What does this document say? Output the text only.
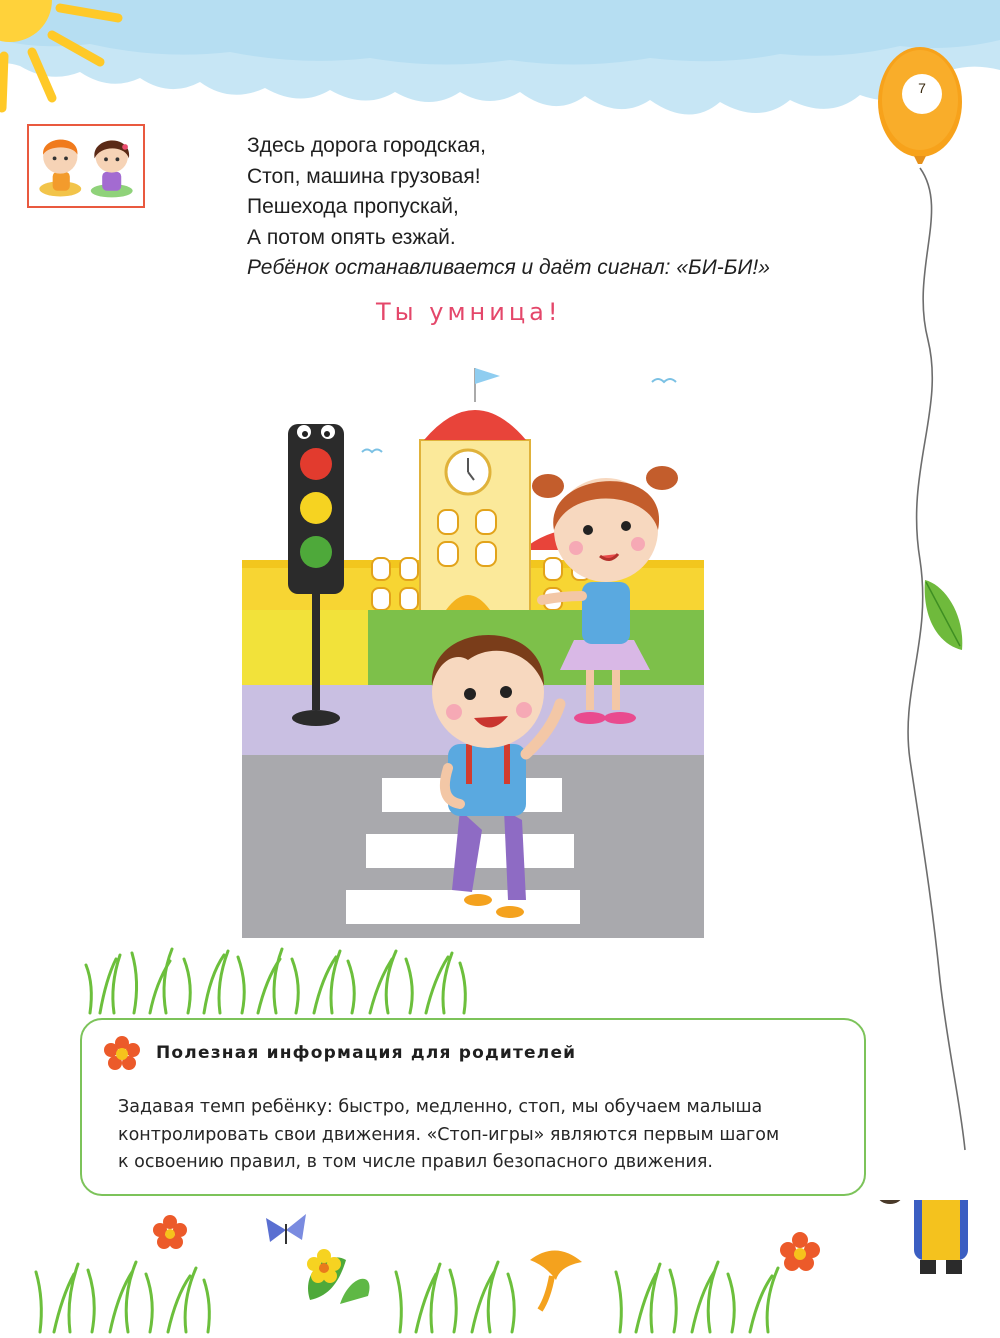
7
Здесь дорога городская,
Стоп, машина грузовая!
Пешехода пропускай,
А потом опять езжай.
Ребёнок останавливается и даёт сигнал: «БИ-БИ!»
Ты умница!
Полезная информация для родителей
Задавая темп ребёнку: быстро, медленно, стоп, мы обучаем малыша
контролировать свои движения. «Стоп-игры» являются первым шагом
к освоению правил, в том числе правил безопасного движения.
